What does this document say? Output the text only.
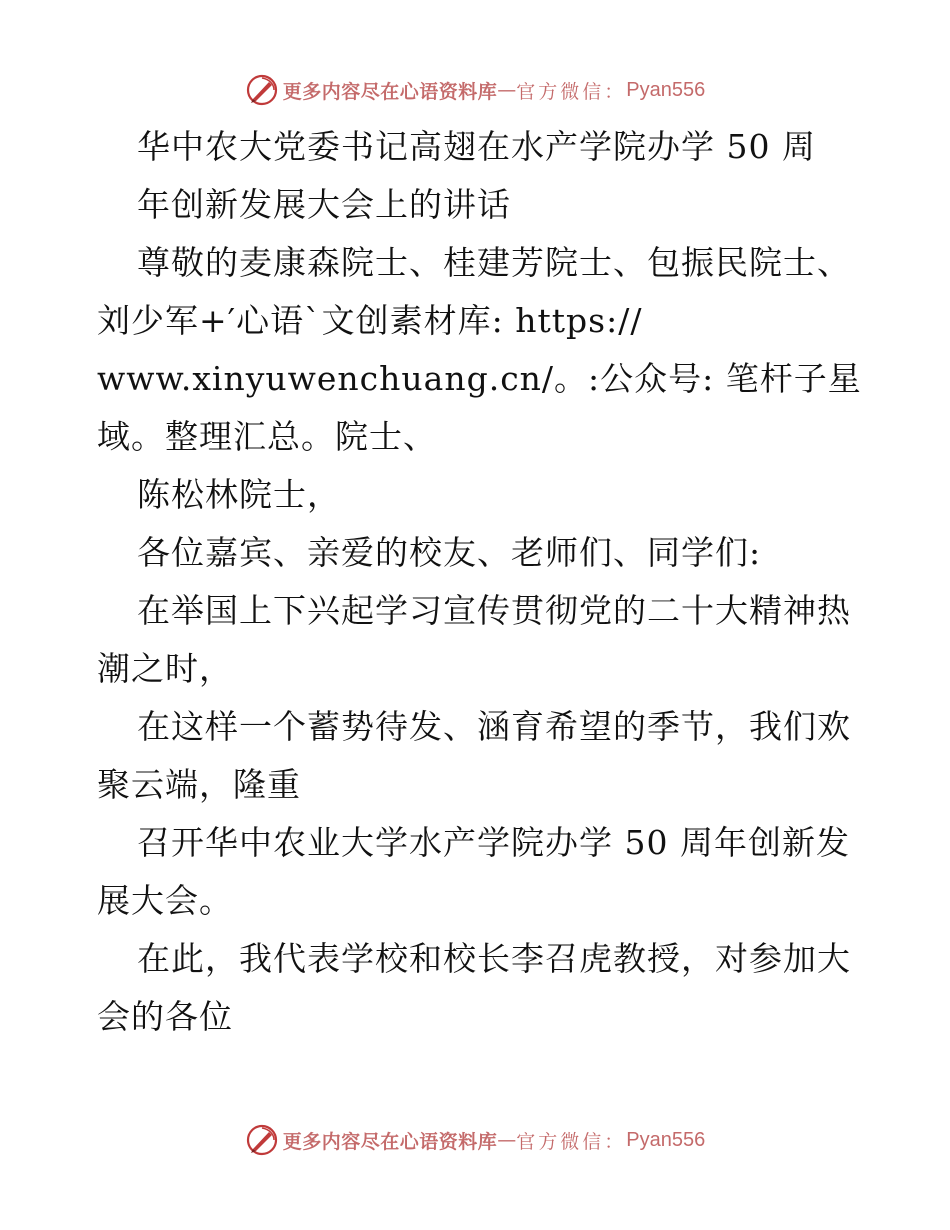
更多内容尽在心语资料库 — 官方微信： Pyan556
华中农大党委书记高翅在水产学院办学 50 周
年创新发展大会上的讲话
尊敬的麦康森院士、桂建芳院士、包振民院士、
刘少军+′心语`文创素材库: https://
www.xinyuwenchuang.cn/。:公众号: 笔杆子星
域。整理汇总。院士、
陈松林院士，
各位嘉宾、亲爱的校友、老师们、同学们:
在举国上下兴起学习宣传贯彻党的二十大精神热
潮之时，
在这样一个蓄势待发、涵育希望的季节，我们欢
聚云端，隆重
召开华中农业大学水产学院办学 50 周年创新发
展大会。
在此，我代表学校和校长李召虎教授，对参加大
会的各位
更多内容尽在心语资料库 — 官方微信： Pyan556
